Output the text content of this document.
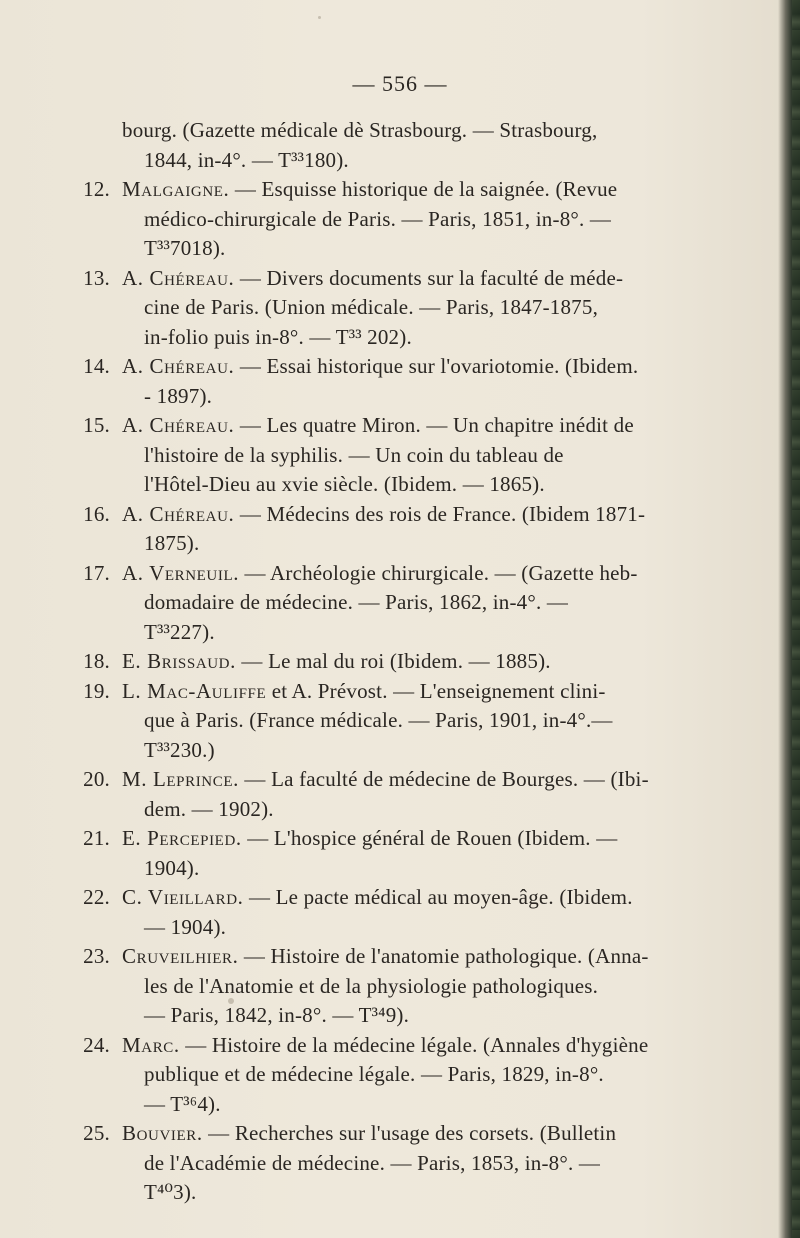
— 556 —

bourg. (Gazette médicale dè Strasbourg. — Strasbourg,
1844, in-4°. — T³³180).

12. Malgaigne. — Esquisse historique de la saignée. (Revue
médico-chirurgicale de Paris. — Paris, 1851, in-8°. —
T³³7018).

13. A. Chéreau. — Divers documents sur la faculté de méde-
cine de Paris. (Union médicale. — Paris, 1847-1875,
in-folio puis in-8°. — T³³ 202).

14. A. Chéreau. — Essai historique sur l'ovariotomie. (Ibidem.
- 1897).

15. A. Chéreau. — Les quatre Miron. — Un chapitre inédit de
l'histoire de la syphilis. — Un coin du tableau de
l'Hôtel-Dieu au xvie siècle. (Ibidem. — 1865).

16. A. Chéreau. — Médecins des rois de France. (Ibidem 1871-
1875).

17. A. Verneuil. — Archéologie chirurgicale. — (Gazette heb-
domadaire de médecine. — Paris, 1862, in-4°. —
T³³227).

18. E. Brissaud. — Le mal du roi (Ibidem. — 1885).

19. L. Mac-Auliffe et A. Prévost. — L'enseignement clini-
que à Paris. (France médicale. — Paris, 1901, in-4°.—
T³³230.)

20. M. Leprince. — La faculté de médecine de Bourges. — (Ibi-
dem. — 1902).

21. E. Percepied. — L'hospice général de Rouen (Ibidem. —
1904).

22. C. Vieillard. — Le pacte médical au moyen-âge. (Ibidem.
— 1904).

23. Cruveilhier. — Histoire de l'anatomie pathologique. (Anna-
les de l'Anatomie et de la physiologie pathologiques.
— Paris, 1842, in-8°. — T³⁴9).

24. Marc. — Histoire de la médecine légale. (Annales d'hygiène
publique et de médecine légale. — Paris, 1829, in-8°.
— T³⁶4).

25. Bouvier. — Recherches sur l'usage des corsets. (Bulletin
de l'Académie de médecine. — Paris, 1853, in-8°. —
T⁴⁰3).
